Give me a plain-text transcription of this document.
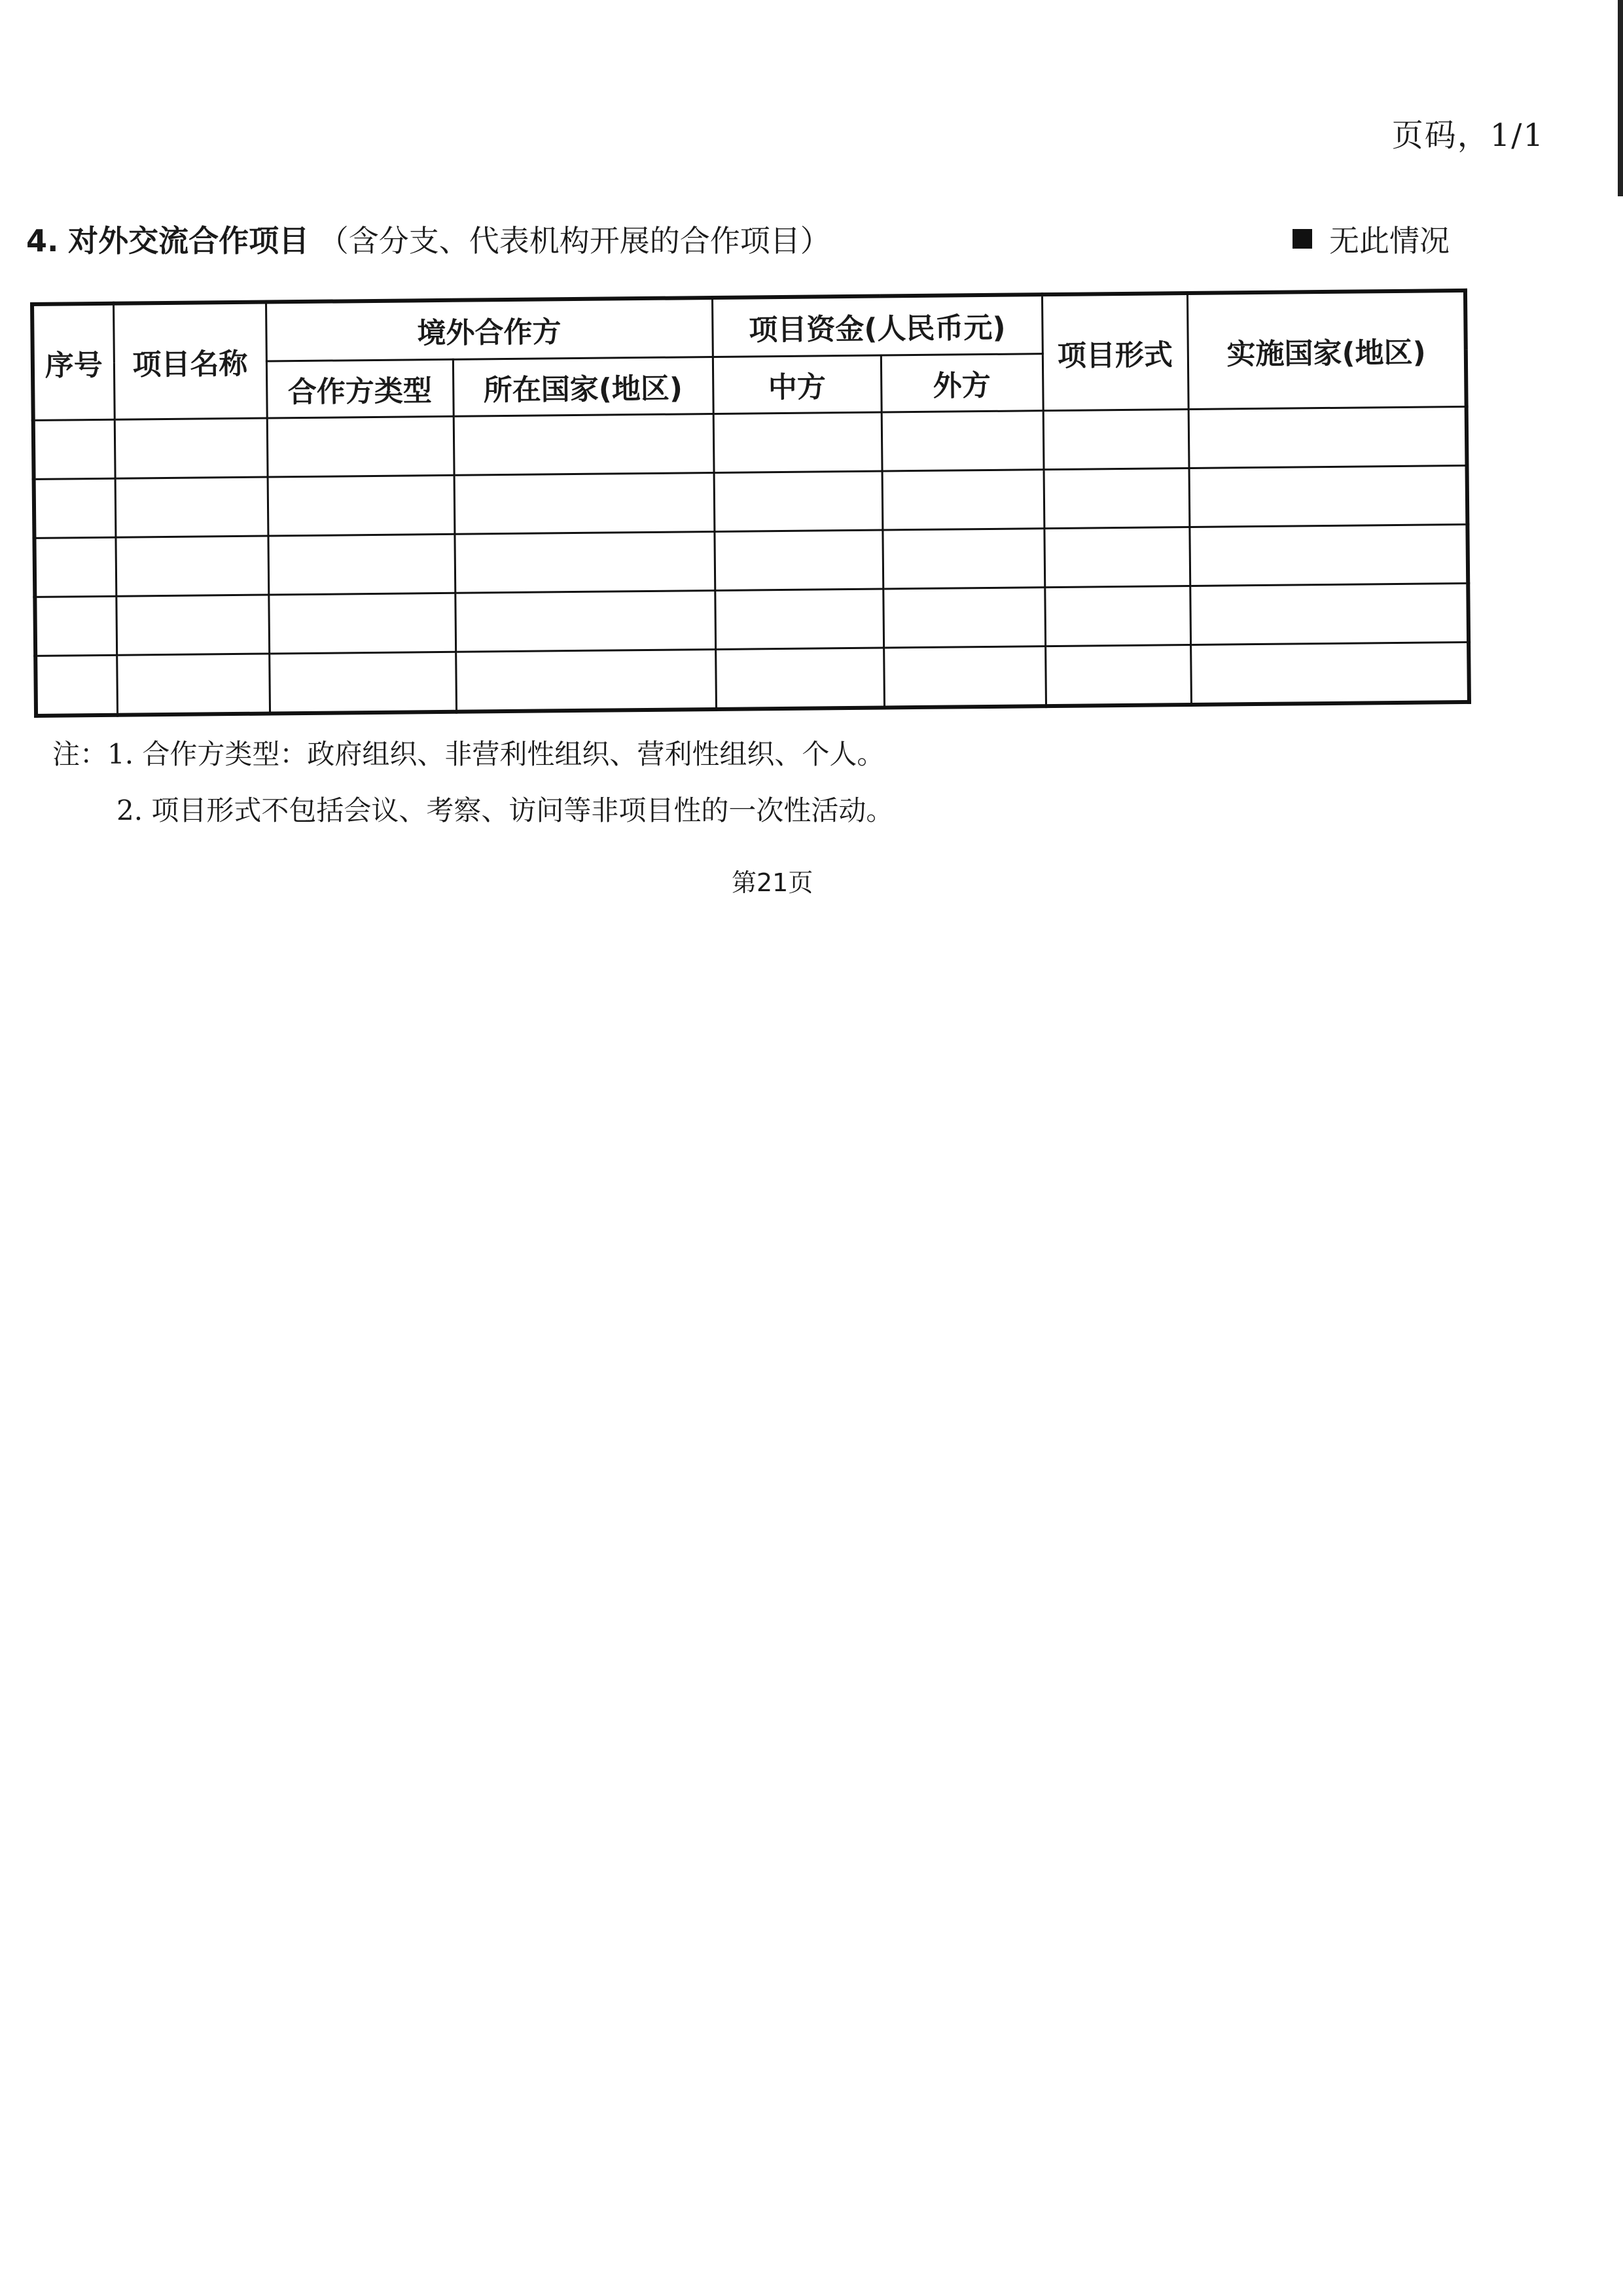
页码，1/1
4. 对外交流合作项目 （含分支、代表机构开展的合作项目）	无此情况
序号	项目名称	境外合作方		项目资金(人民币元)		项目形式	实施国家(地区)
		合作方类型	所在国家(地区)	中方	外方		

注：1. 合作方类型：政府组织、非营利性组织、营利性组织、个人。
2. 项目形式不包括会议、考察、访问等非项目性的一次性活动。
第21页
